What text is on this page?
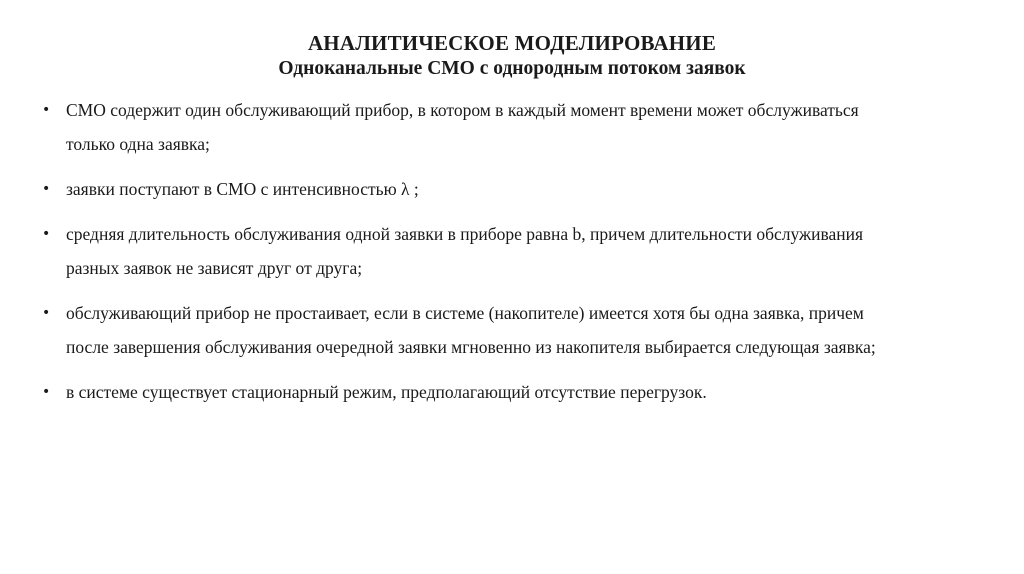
АНАЛИТИЧЕСКОЕ МОДЕЛИРОВАНИЕ
Одноканальные СМО с однородным потоком заявок
• СМО содержит один обслуживающий прибор, в котором в каждый момент времени может обслуживаться
только одна заявка;
• заявки поступают в СМО с интенсивностью λ ;
• средняя длительность обслуживания одной заявки в приборе равна b, причем длительности обслуживания
разных заявок не зависят друг от друга;
• обслуживающий прибор не простаивает, если в системе (накопителе) имеется хотя бы одна заявка, причем
после завершения обслуживания очередной заявки мгновенно из накопителя выбирается следующая заявка;
• в системе существует стационарный режим, предполагающий отсутствие перегрузок.
